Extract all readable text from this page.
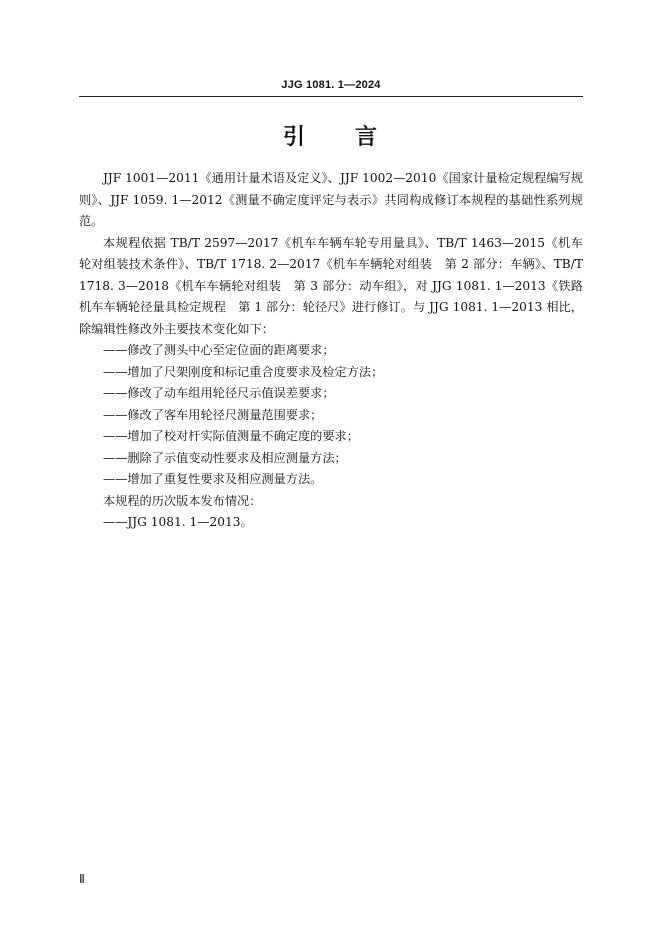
JJG 1081. 1—2024
引 言

JJF 1001—2011《通用计量术语及定义》、JJF 1002—2010《国家计量检定规程编写规则》、JJF 1059. 1—2012《测量不确定度评定与表示》共同构成修订本规程的基础性系列规范。

本规程依据 TB/T 2597—2017《机车车辆车轮专用量具》、TB/T 1463—2015《机车轮对组装技术条件》、TB/T 1718. 2—2017《机车车辆轮对组装　第 2 部分：车辆》、TB/T 1718. 3—2018《机车车辆轮对组装　第 3 部分：动车组》，对 JJG 1081. 1—2013《铁路机车车辆轮径量具检定规程　第 1 部分：轮径尺》进行修订。与 JJG 1081. 1—2013 相比，除编辑性修改外主要技术变化如下：

——修改了测头中心至定位面的距离要求；

——增加了尺架刚度和标记重合度要求及检定方法；

——修改了动车组用轮径尺示值误差要求；

——修改了客车用轮径尺测量范围要求；

——增加了校对杆实际值测量不确定度的要求；

——删除了示值变动性要求及相应测量方法；

——增加了重复性要求及相应测量方法。

本规程的历次版本发布情况：

——JJG 1081. 1—2013。

Ⅱ
